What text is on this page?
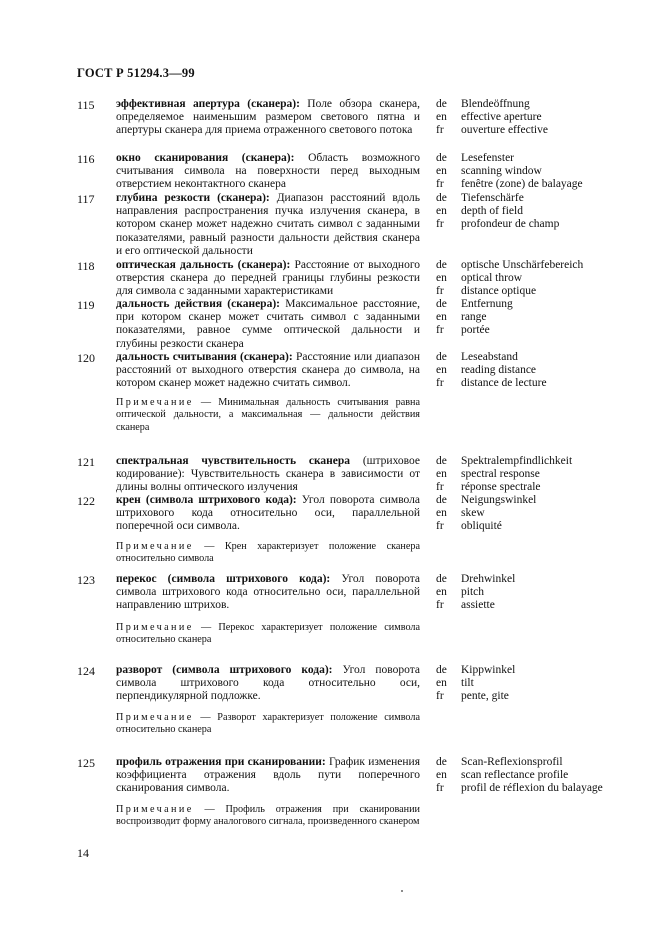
ГОСТ Р 51294.3—99
115 эффективная апертура (сканера): Поле обзора сканера, определяемое наименьшим размером светового пятна и апертуры сканера для приема отраженного светового потока
de	Blendeöffnung
en	effective aperture
fr	ouverture effective
116 окно сканирования (сканера): Область возможного считывания символа на поверхности перед выходным отверстием неконтактного сканера
de	Lesefenster
en	scanning window
fr	fenêtre (zone) de balayage
117 глубина резкости (сканера): Диапазон расстояний вдоль направления распространения пучка излучения сканера, в котором сканер может надежно считать символ с заданными показателями, равный разности дальности действия сканера и его оптической дальности
de	Tiefenschärfe
en	depth of field
fr	profondeur de champ
118 оптическая дальность (сканера): Расстояние от выходного отверстия сканера до передней границы глубины резкости для символа с заданными характеристиками
de	optische Unschärfebereich
en	optical throw
fr	distance optique
119 дальность действия (сканера): Максимальное расстояние, при котором сканер может считать символ с заданными показателями, равное сумме оптической дальности и глубины резкости сканера
de	Entfernung
en	range
fr	portée
120 дальность считывания (сканера): Расстояние или диапазон расстояний от выходного отверстия сканера до символа, на котором сканер может надежно считать символ.
de	Leseabstand
en	reading distance
fr	distance de lecture
Примечание — Минимальная дальность считывания равна оптической дальности, а максимальная — дальности действия сканера
121 спектральная чувствительность сканера (штриховое кодирование): Чувствительность сканера в зависимости от длины волны оптического излучения
de	Spektralempfindlichkeit
en	spectral response
fr	réponse spectrale
122 крен (символа штрихового кода): Угол поворота символа штрихового кода относительно оси, параллельной поперечной оси символа.
de	Neigungswinkel
en	skew
fr	obliquité
Примечание — Крен характеризует положение сканера относительно символа
123 перекос (символа штрихового кода): Угол поворота символа штрихового кода относительно оси, параллельной направлению штрихов.
de	Drehwinkel
en	pitch
fr	assiette
Примечание — Перекос характеризует положение символа относительно сканера
124 разворот (символа штрихового кода): Угол поворота символа штрихового кода относительно оси, перпендикулярной подложке.
de	Kippwinkel
en	tilt
fr	pente, gite
Примечание — Разворот характеризует положение символа относительно сканера
125 профиль отражения при сканировании: График изменения коэффициента отражения вдоль пути поперечного сканирования символа.
de	Scan-Reflexionsprofil
en	scan reflectance profile
fr	profil de réflexion du balayage
Примечание — Профиль отражения при сканировании воспроизводит форму аналогового сигнала, произведенного сканером
14
